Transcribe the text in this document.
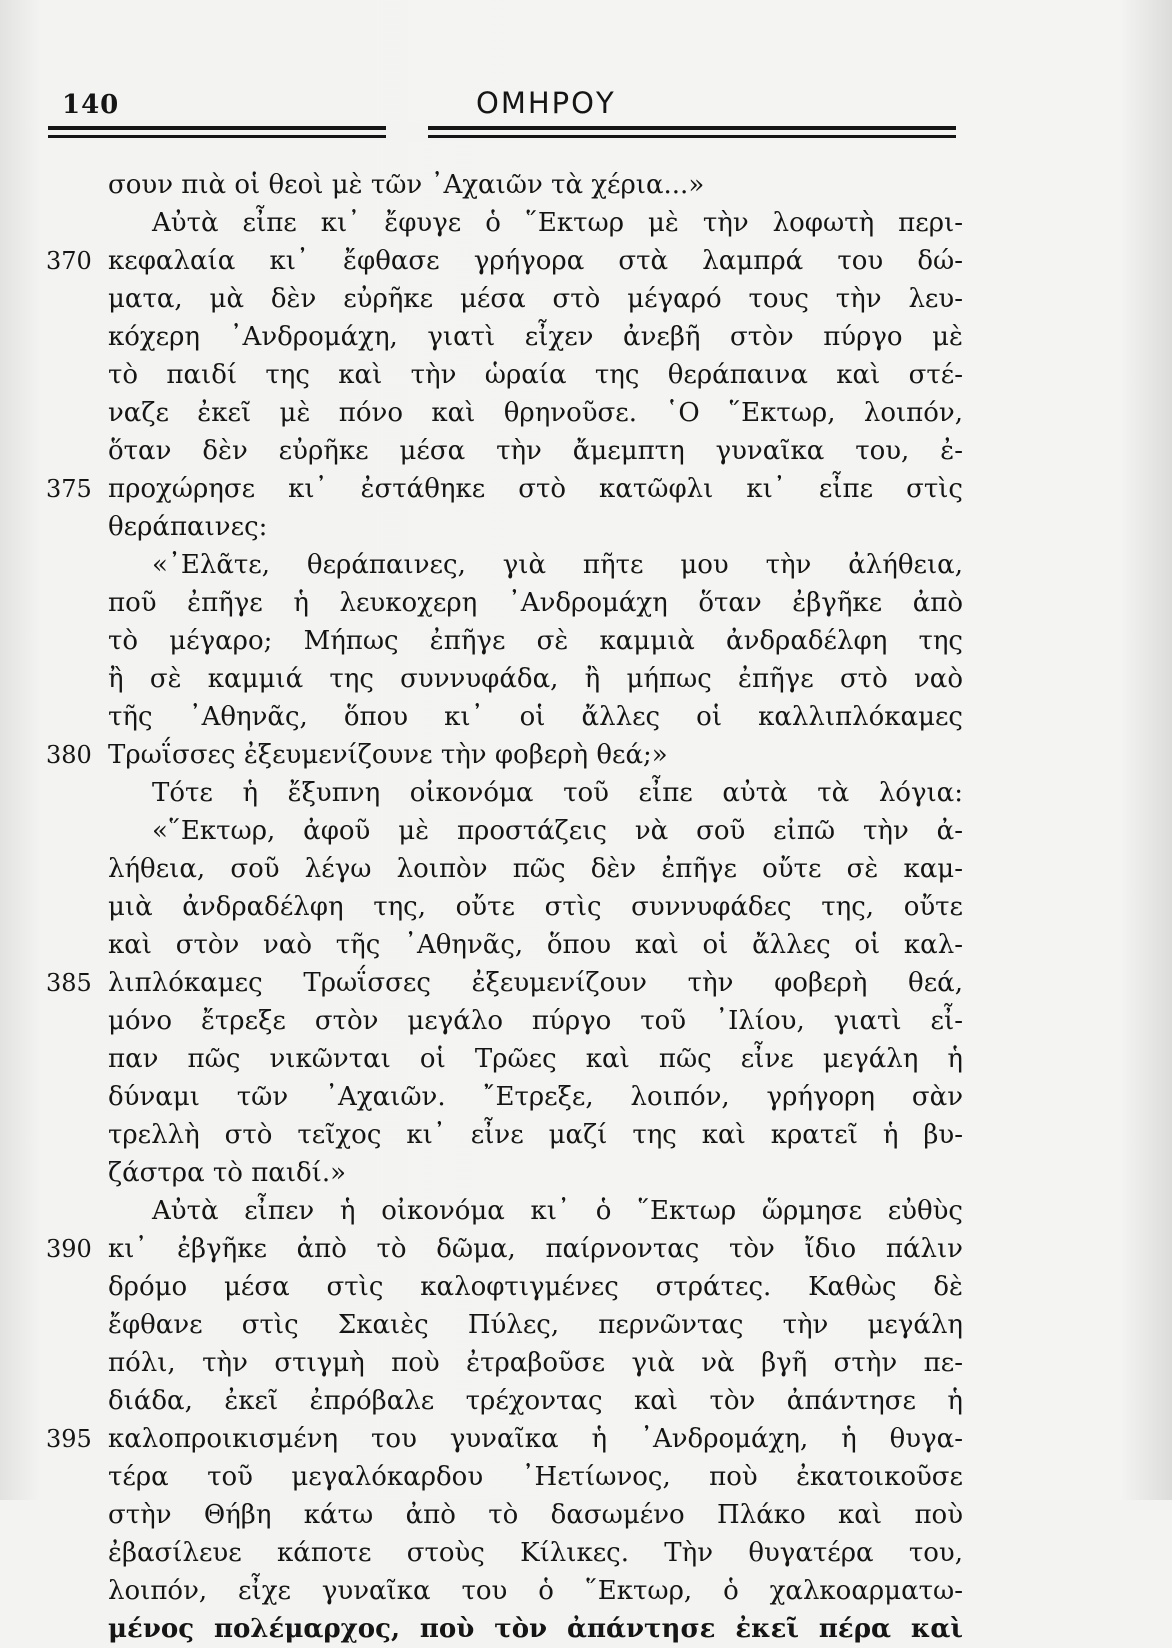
140	ΟΜΗΡΟΥ
σουν πιὰ οἱ θεοὶ μὲ τῶν ᾿Αχαιῶν τὰ χέρια...»
Αὐτὰ εἶπε κι᾿ ἔφυγε ὁ ῞Εκτωρ μὲ τὴν λοφωτὴ περι-
370 κεφαλαία κι᾿ ἔφθασε γρήγορα στὰ λαμπρά του δώ-
ματα, μὰ δὲν εὐρῆκε μέσα στὸ μέγαρό τους τὴν λευ-
κόχερη ᾿Ανδρομάχη, γιατὶ εἶχεν ἀνεβῆ στὸν πύργο μὲ
τὸ παιδί της καὶ τὴν ὡραία της θεράπαινα καὶ στέ-
ναζε ἐκεῖ μὲ πόνο καὶ θρηνοῦσε. ῾Ο ῞Εκτωρ, λοιπόν,
ὅταν δὲν εὐρῆκε μέσα τὴν ἄμεμπτη γυναῖκα του, ἐ-
375 προχώρησε κι᾿ ἐστάθηκε στὸ κατῶφλι κι᾿ εἶπε στὶς
θεράπαινες:
«᾿Ελᾶτε, θεράπαινες, γιὰ πῆτε μου τὴν ἀλήθεια,
ποῦ ἐπῆγε ἡ λευκοχερη ᾿Ανδρομάχη ὅταν ἐβγῆκε ἀπὸ
τὸ μέγαρο; Μήπως ἐπῆγε σὲ καμμιὰ ἀνδραδέλφη της
ἢ σὲ καμμιά της συννυφάδα, ἢ μήπως ἐπῆγε στὸ ναὸ
τῆς ᾿Αθηνᾶς, ὅπου κι᾿ οἱ ἄλλες οἱ καλλιπλόκαμες
380 Τρωΐσσες ἐξευμενίζουνε τὴν φοβερὴ θεά;»
Τότε ἡ ἔξυπνη οἰκονόμα τοῦ εἶπε αὐτὰ τὰ λόγια:
«῞Εκτωρ, ἀφοῦ μὲ προστάζεις νὰ σοῦ εἰπῶ τὴν ἀ-
λήθεια, σοῦ λέγω λοιπὸν πῶς δὲν ἐπῆγε οὔτε σὲ καμ-
μιὰ ἀνδραδέλφη της, οὔτε στὶς συννυφάδες της, οὔτε
καὶ στὸν ναὸ τῆς ᾿Αθηνᾶς, ὅπου καὶ οἱ ἄλλες οἱ καλ-
385 λιπλόκαμες Τρωΐσσες ἐξευμενίζουν τὴν φοβερὴ θεά,
μόνο ἔτρεξε στὸν μεγάλο πύργο τοῦ ᾿Ιλίου, γιατὶ εἶ-
παν πῶς νικῶνται οἱ Τρῶες καὶ πῶς εἶνε μεγάλη ἡ
δύναμι τῶν ᾿Αχαιῶν. ῎Ετρεξε, λοιπόν, γρήγορη σὰν
τρελλὴ στὸ τεῖχος κι᾿ εἶνε μαζί της καὶ κρατεῖ ἡ βυ-
ζάστρα τὸ παιδί.»
Αὐτὰ εἶπεν ἡ οἰκονόμα κι᾿ ὁ ῞Εκτωρ ὥρμησε εὐθὺς
390 κι᾿ ἐβγῆκε ἀπὸ τὸ δῶμα, παίρνοντας τὸν ἴδιο πάλιν
δρόμο μέσα στὶς καλοφτιγμένες στράτες. Καθὼς δὲ
ἔφθανε στὶς Σκαιὲς Πύλες, περνῶντας τὴν μεγάλη
πόλι, τὴν στιγμὴ ποὺ ἐτραβοῦσε γιὰ νὰ βγῆ στὴν πε-
διάδα, ἐκεῖ ἐπρόβαλε τρέχοντας καὶ τὸν ἀπάντησε ἡ
395 καλοπροικισμένη του γυναῖκα ἡ ᾿Ανδρομάχη, ἡ θυγα-
τέρα τοῦ μεγαλόκαρδου ᾿Ηετίωνος, ποὺ ἐκατοικοῦσε
στὴν Θήβη κάτω ἀπὸ τὸ δασωμένο Πλάκο καὶ ποὺ
ἐβασίλευε κάποτε στοὺς Κίλικες. Τὴν θυγατέρα του,
λοιπόν, εἶχε γυναῖκα του ὁ ῞Εκτωρ, ὁ χαλκοαρματω-
μένος πολέμαρχος, ποὺ τὸν ἀπάντησε ἐκεῖ πέρα καὶ
